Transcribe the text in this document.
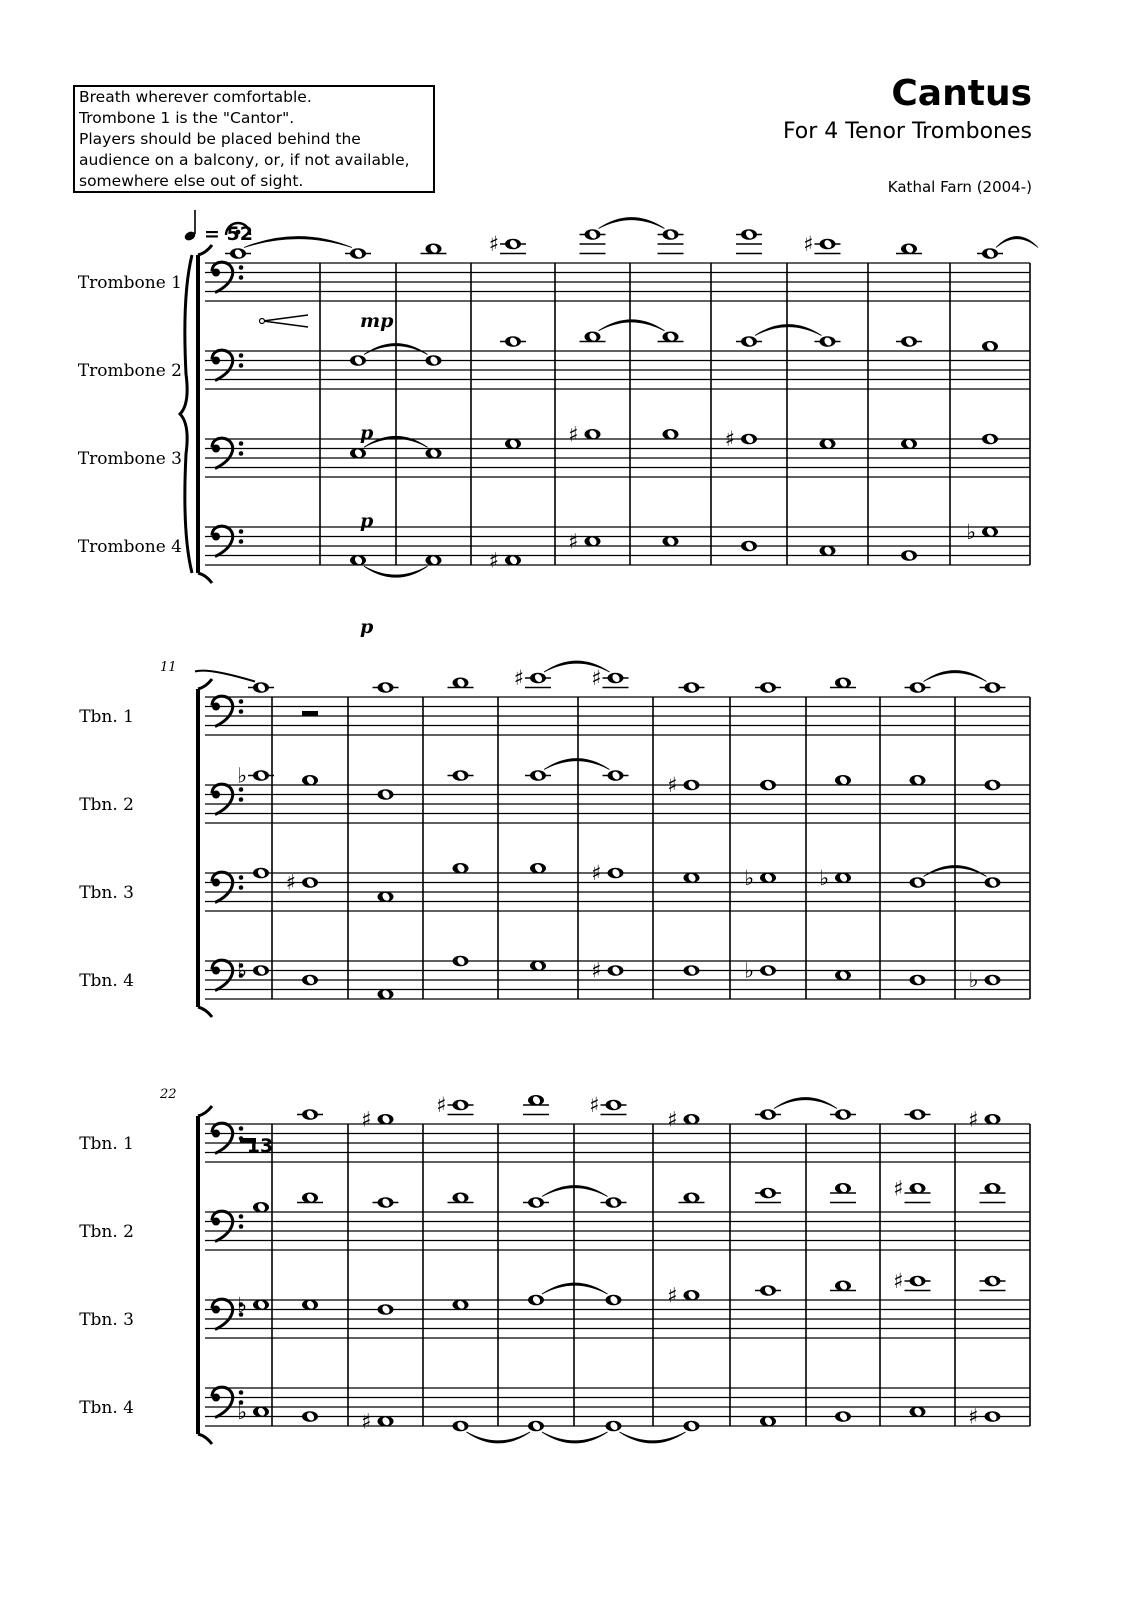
Breath wherever comfortable.
Trombone 1 is the "Cantor".
Players should be placed behind the
audience on a balcony, or, if not available,
somewhere else out of sight.
Cantus
For 4 Tenor Trombones
Kathal Farn (2004-)
Trombone 1
♯	♯
mp
Trombone 2
p
Trombone 3
♯	♯
p
Trombone 4
♯
♯	♭
p
= 52
11
Tbn. 1
♯	♯
Tbn. 2
♭	♯
Tbn. 3	♯	♯	♭	♭
Tbn. 4	♭	♯	♭	♭
22
Tbn. 1
♯
♯	♯
♯	♯
13
Tbn. 2
♯
Tbn. 3
♭	♯
♯
Tbn. 4	♭	♯	♯
